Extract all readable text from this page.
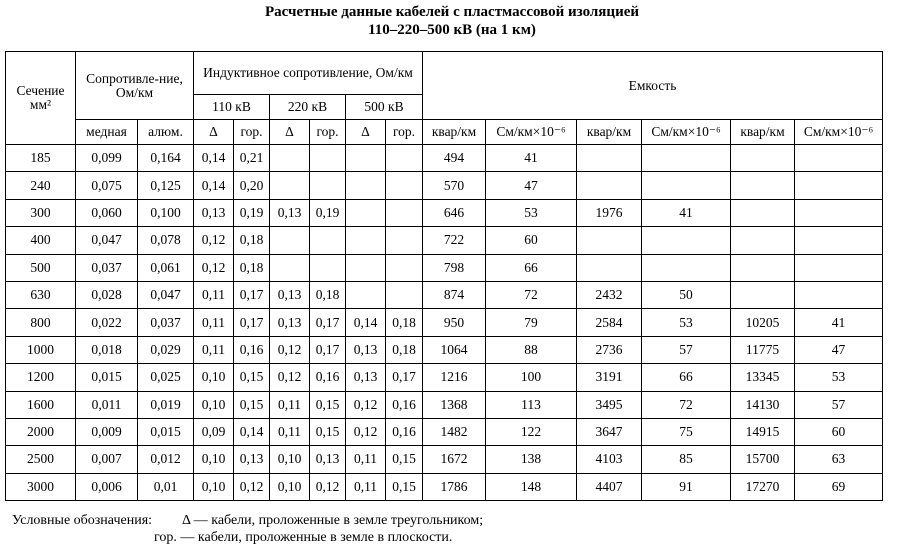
Расчетные данные кабелей с пластмассовой изоляцией
110–220–500 кВ (на 1 км)
Сечение
мм²	Сопротивле-ние, Ом/км		Индуктивное сопротивление, Ом/км						Емкость					
			110 кВ		220 кВ		500 кВ							
	медная	алюм.	Δ	гор.	Δ	гор.	Δ	гор.	квар/км	См/км×10⁻⁶	квар/км	См/км×10⁻⁶	квар/км	См/км×10⁻⁶
185	0,099	0,164	0,14	0,21					494	41				
240	0,075	0,125	0,14	0,20					570	47				
300	0,060	0,100	0,13	0,19	0,13	0,19			646	53	1976	41		
400	0,047	0,078	0,12	0,18					722	60				
500	0,037	0,061	0,12	0,18					798	66				
630	0,028	0,047	0,11	0,17	0,13	0,18			874	72	2432	50		
800	0,022	0,037	0,11	0,17	0,13	0,17	0,14	0,18	950	79	2584	53	10205	41
1000	0,018	0,029	0,11	0,16	0,12	0,17	0,13	0,18	1064	88	2736	57	11775	47
1200	0,015	0,025	0,10	0,15	0,12	0,16	0,13	0,17	1216	100	3191	66	13345	53
1600	0,011	0,019	0,10	0,15	0,11	0,15	0,12	0,16	1368	113	3495	72	14130	57
2000	0,009	0,015	0,09	0,14	0,11	0,15	0,12	0,16	1482	122	3647	75	14915	60
2500	0,007	0,012	0,10	0,13	0,10	0,13	0,11	0,15	1672	138	4103	85	15700	63
3000	0,006	0,01	0,10	0,12	0,10	0,12	0,11	0,15	1786	148	4407	91	17270	69
Условные обозначения: Δ — кабели, проложенные в земле треугольником;
гор. — кабели, проложенные в земле в плоскости.
